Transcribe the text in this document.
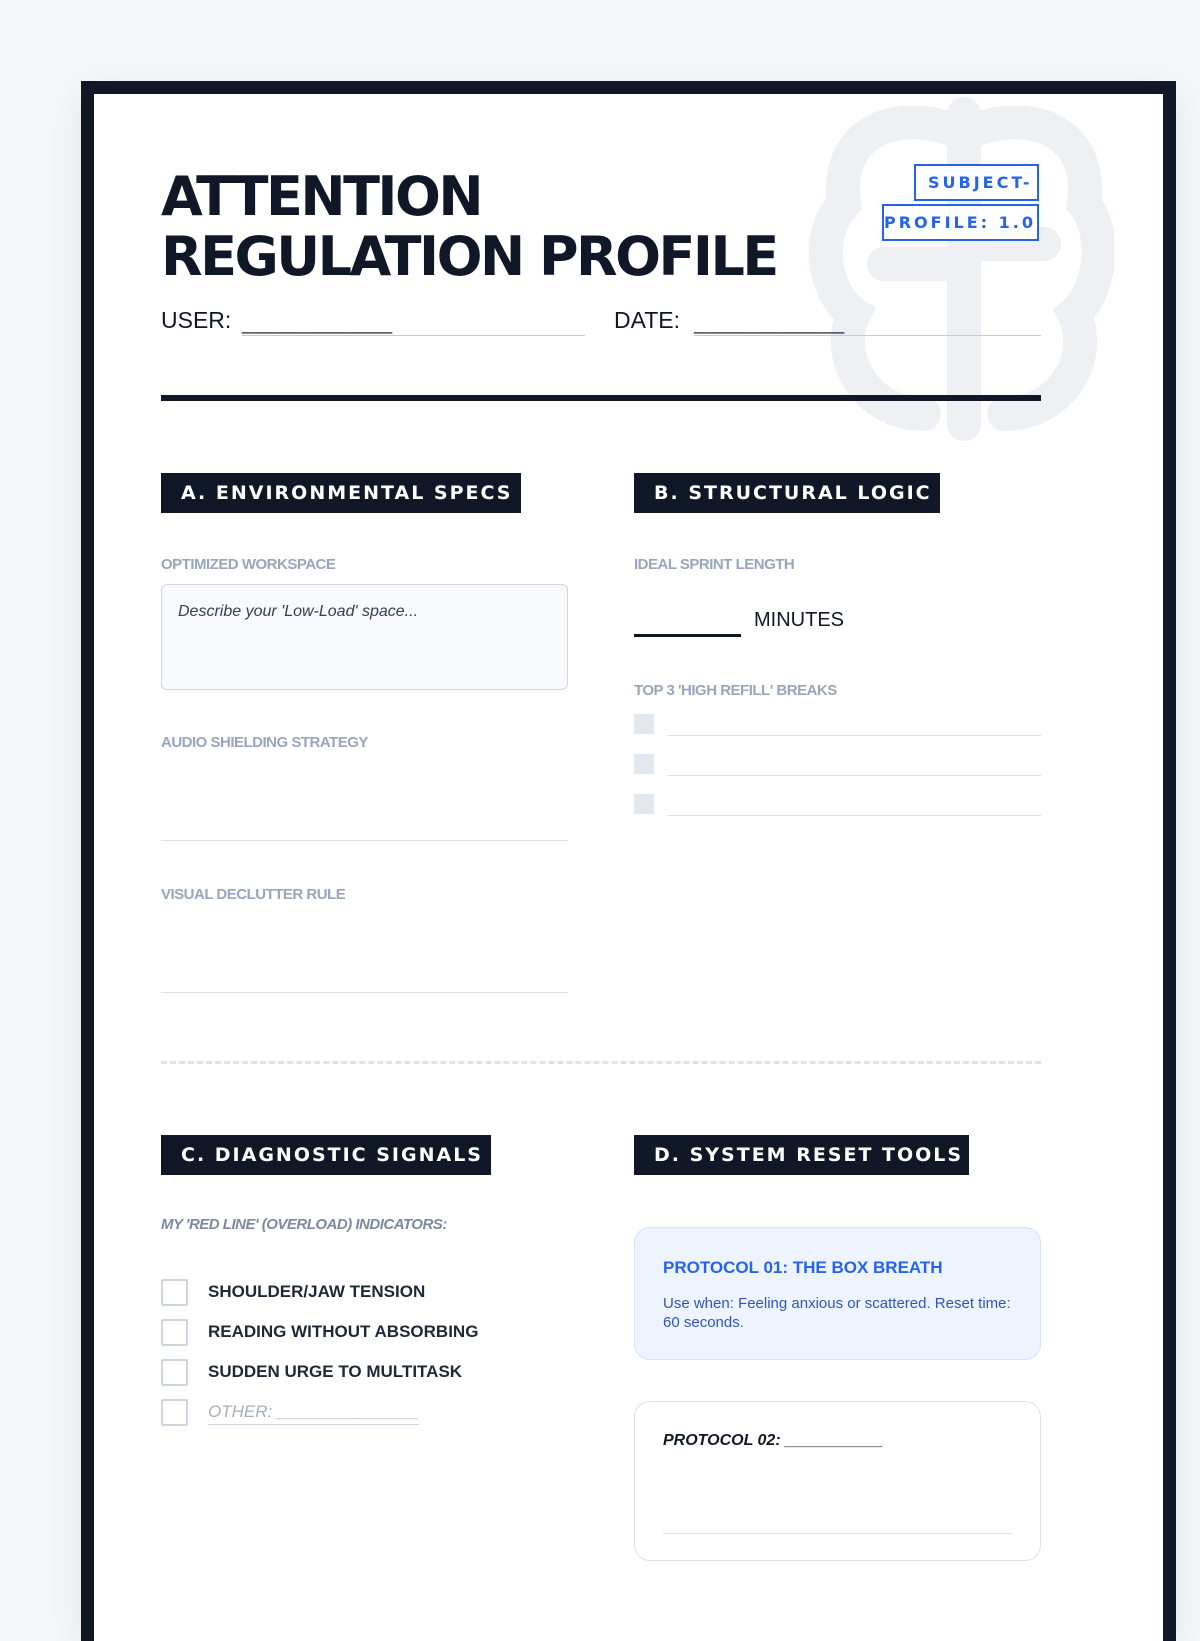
ATTENTION
REGULATION PROFILE
SUBJECT-
PROFILE: 1.0
USER: _______________	DATE: _______________
A. ENVIRONMENTAL SPECS
OPTIMIZED WORKSPACE
Describe your 'Low-Load' space...
AUDIO SHIELDING STRATEGY
VISUAL DECLUTTER RULE
B. STRUCTURAL LOGIC
IDEAL SPRINT LENGTH
MINUTES
TOP 3 'HIGH REFILL' BREAKS
C. DIAGNOSTIC SIGNALS
MY 'RED LINE' (OVERLOAD) INDICATORS:
SHOULDER/JAW TENSION
READING WITHOUT ABSORBING
SUDDEN URGE TO MULTITASK
OTHER: _______________
D. SYSTEM RESET TOOLS
PROTOCOL 01: THE BOX BREATH
Use when: Feeling anxious or scattered. Reset time: 60 seconds.
PROTOCOL 02: ___________
